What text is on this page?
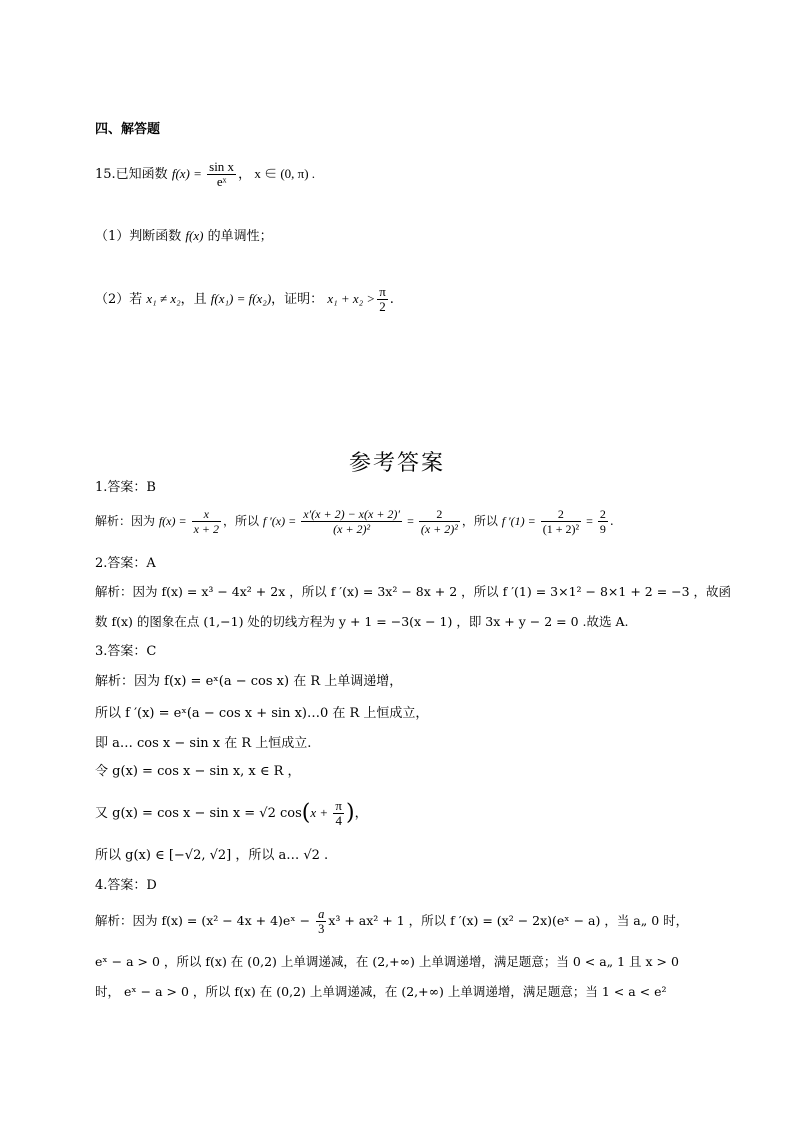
四、解答题
15.已知函数 $f(x) = \frac{\text{sin x}}{\text{eˣ}}$ ， x ∈ (0, π) .
（1）判断函数 f(x) 的单调性；
（2）若 x₁ ≠ x₂，且 f(x₁) = f(x₂)，证明： $x_1 + x_2 > \frac{\pi}{2}$ .
参考答案
1.答案：B
解析：因为 $f(x) = \frac{x}{x + 2}$ ，所以 f $'(x) = \frac{x'(x + 2) - x(x + 2)'}{\text{(x + 2)²}} = \frac{2}{\text{(x + 2)²}}$ ，所以 f $'(1) = \frac{2}{\text{(1 + 2)²}} = \frac{2}{9}$ .
2.答案：A
解析：因为 f(x) = x³ − 4x² + 2x ，所以 f ′(x) = 3x² − 8x + 2 ，所以 f ′(1) = 3×1² − 8×1 + 2 = −3 ，故函
数 f(x) 的图象在点 (1,−1) 处的切线方程为 y + 1 = −3(x − 1) ，即 3x + y − 2 = 0 .故选 A.
3.答案：C
解析：因为 f(x) = eˣ(a − cos x) 在 R 上单调递增，
所以 f ′(x) = eˣ(a − cos x + sin x)…0 在 R 上恒成立，
即 a… cos x − sin x 在 R 上恒成立.
令 g(x) = cos x − sin x, x ∈ R ，
又 g(x) = cos x − sin x = √2 $\cos(x + \frac{\pi}{4}$ )，
所以 g(x) ∈ [−√2, √2] ，所以 a… √2 .
4.答案：D
解析：因为 f(x) = (x² − 4x + 4)eˣ − $\frac{a}{3} x^3 + ax^2 + 1$ ，所以 f ′(x) = (x² − 2x)(eˣ − a) ，当 a„ 0 时，
eˣ − a > 0 ，所以 f(x) 在 (0,2) 上单调递减，在 (2,+∞) 上单调递增，满足题意；当 0 < a„ 1 且 x > 0
时， eˣ − a > 0 ，所以 f(x) 在 (0,2) 上单调递减，在 (2,+∞) 上单调递增，满足题意；当 1 < a < e²
